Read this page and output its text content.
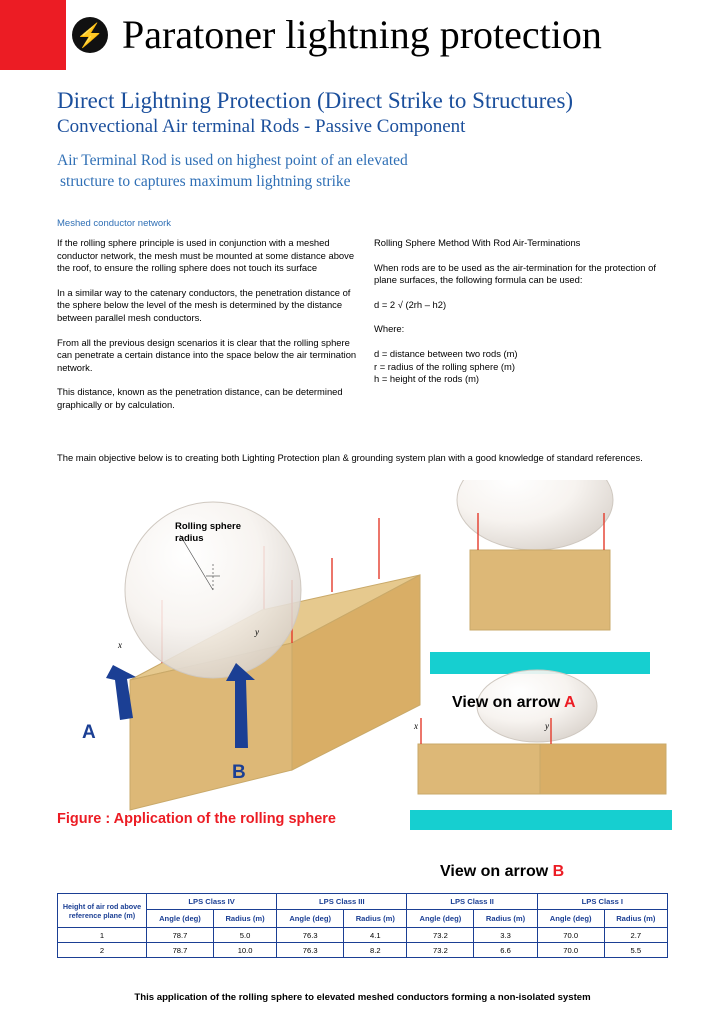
⚡ Paratoner lightning protection
Direct Lightning Protection (Direct Strike to Structures)
Convectional Air terminal Rods - Passive Component
Air Terminal Rod is used on highest point of an elevated
structure to captures maximum lightning strike
Meshed conductor network

If the rolling sphere principle is used in conjunction with a meshed conductor network, the mesh must be mounted at some distance above the roof, to ensure the rolling sphere does not touch its surface

In a similar way to the catenary conductors, the penetration distance of the sphere below the level of the mesh is determined by the distance between parallel mesh conductors.

From all the previous design scenarios it is clear that the rolling sphere can penetrate a certain distance into the space below the air termination network.

This distance, known as the penetration distance, can be determined graphically or by calculation.

Rolling Sphere Method With Rod Air-Terminations

When rods are to be used as the air-termination for the protection of plane surfaces, the following formula can be used:

d = 2 √ (2rh – h2)

Where:

d = distance between two rods (m)

r = radius of the rolling sphere (m)

h = height of the rods (m)

The main objective below is to creating both Lighting Protection plan & grounding system plan with a good knowledge of standard references.
x
y
x	y
Rolling sphere
radius
A
B
View on arrow A
View on arrow B
Figure : Application of the rolling sphere
Height of air rod above reference plane (m)	LPS Class IV		LPS Class III		LPS Class II		LPS Class I	
	Angle (deg)	Radius (m)	Angle (deg)	Radius (m)	Angle (deg)	Radius (m)	Angle (deg)	Radius (m)
1	78.7	5.0	76.3	4.1	73.2	3.3	70.0	2.7
2	78.7	10.0	76.3	8.2	73.2	6.6	70.0	5.5
This application of the rolling sphere to elevated meshed conductors forming a non-isolated system
